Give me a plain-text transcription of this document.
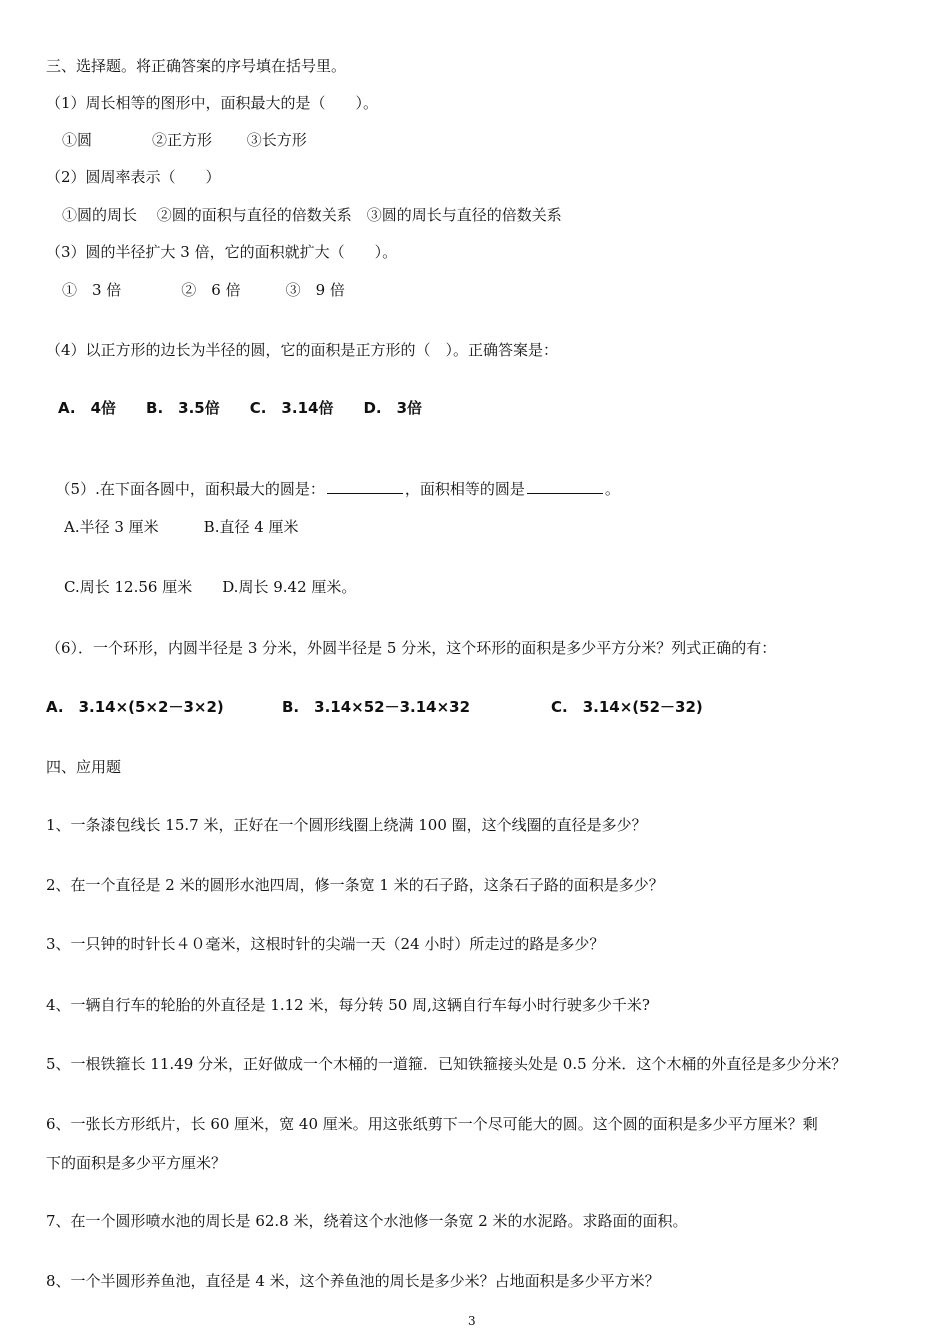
三、选择题。将正确答案的序号填在括号里。
（1）周长相等的图形中，面积最大的是（　　）。
①圆　　　　②正方形　　 ③长方形
（2）圆周率表示（　　）
①圆的周长　 ②圆的面积与直径的倍数关系　③圆的周长与直径的倍数关系
（3）圆的半径扩大 3 倍，它的面积就扩大（　　）。
①　3 倍　　　　②　6 倍　　　③　9 倍
（4）以正方形的边长为半径的圆，它的面积是正方形的（　）。正确答案是：
A.　4倍　　B.　3.5倍　　C.　3.14倍　　D.　3倍

（5）.在下面各圆中，面积最大的圆是：	，面积相等的圆是	。

A.半径 3 厘米　　　B.直径 4 厘米
C.周长 12.56 厘米　　D.周长 9.42 厘米。
（6）．一个环形，内圆半径是 3 分米，外圆半径是 5 分米，这个环形的面积是多少平方分米？列式正确的有：
A.　3.14×(5×2－3×2)	B.　3.14×52－3.14×32	C.　3.14×(52－32)
四、应用题
1、一条漆包线长 15.7 米，正好在一个圆形线圈上绕满 100 圈，这个线圈的直径是多少？
2、在一个直径是 2 米的圆形水池四周，修一条宽 1 米的石子路，这条石子路的面积是多少？
3、一只钟的时针长４０毫米，这根时针的尖端一天（24 小时）所走过的路是多少？
4、一辆自行车的轮胎的外直径是 1.12 米，每分转 50 周,这辆自行车每小时行驶多少千米?
5、一根铁箍长 11.49 分米，正好做成一个木桶的一道箍．已知铁箍接头处是 0.5 分米．这个木桶的外直径是多少分米？
6、一张长方形纸片，长 60 厘米，宽 40 厘米。用这张纸剪下一个尽可能大的圆。这个圆的面积是多少平方厘米？剩
下的面积是多少平方厘米？
7、在一个圆形喷水池的周长是 62.8 米，绕着这个水池修一条宽 2 米的水泥路。求路面的面积。
8、一个半圆形养鱼池，直径是 4 米，这个养鱼池的周长是多少米？占地面积是多少平方米？
3
